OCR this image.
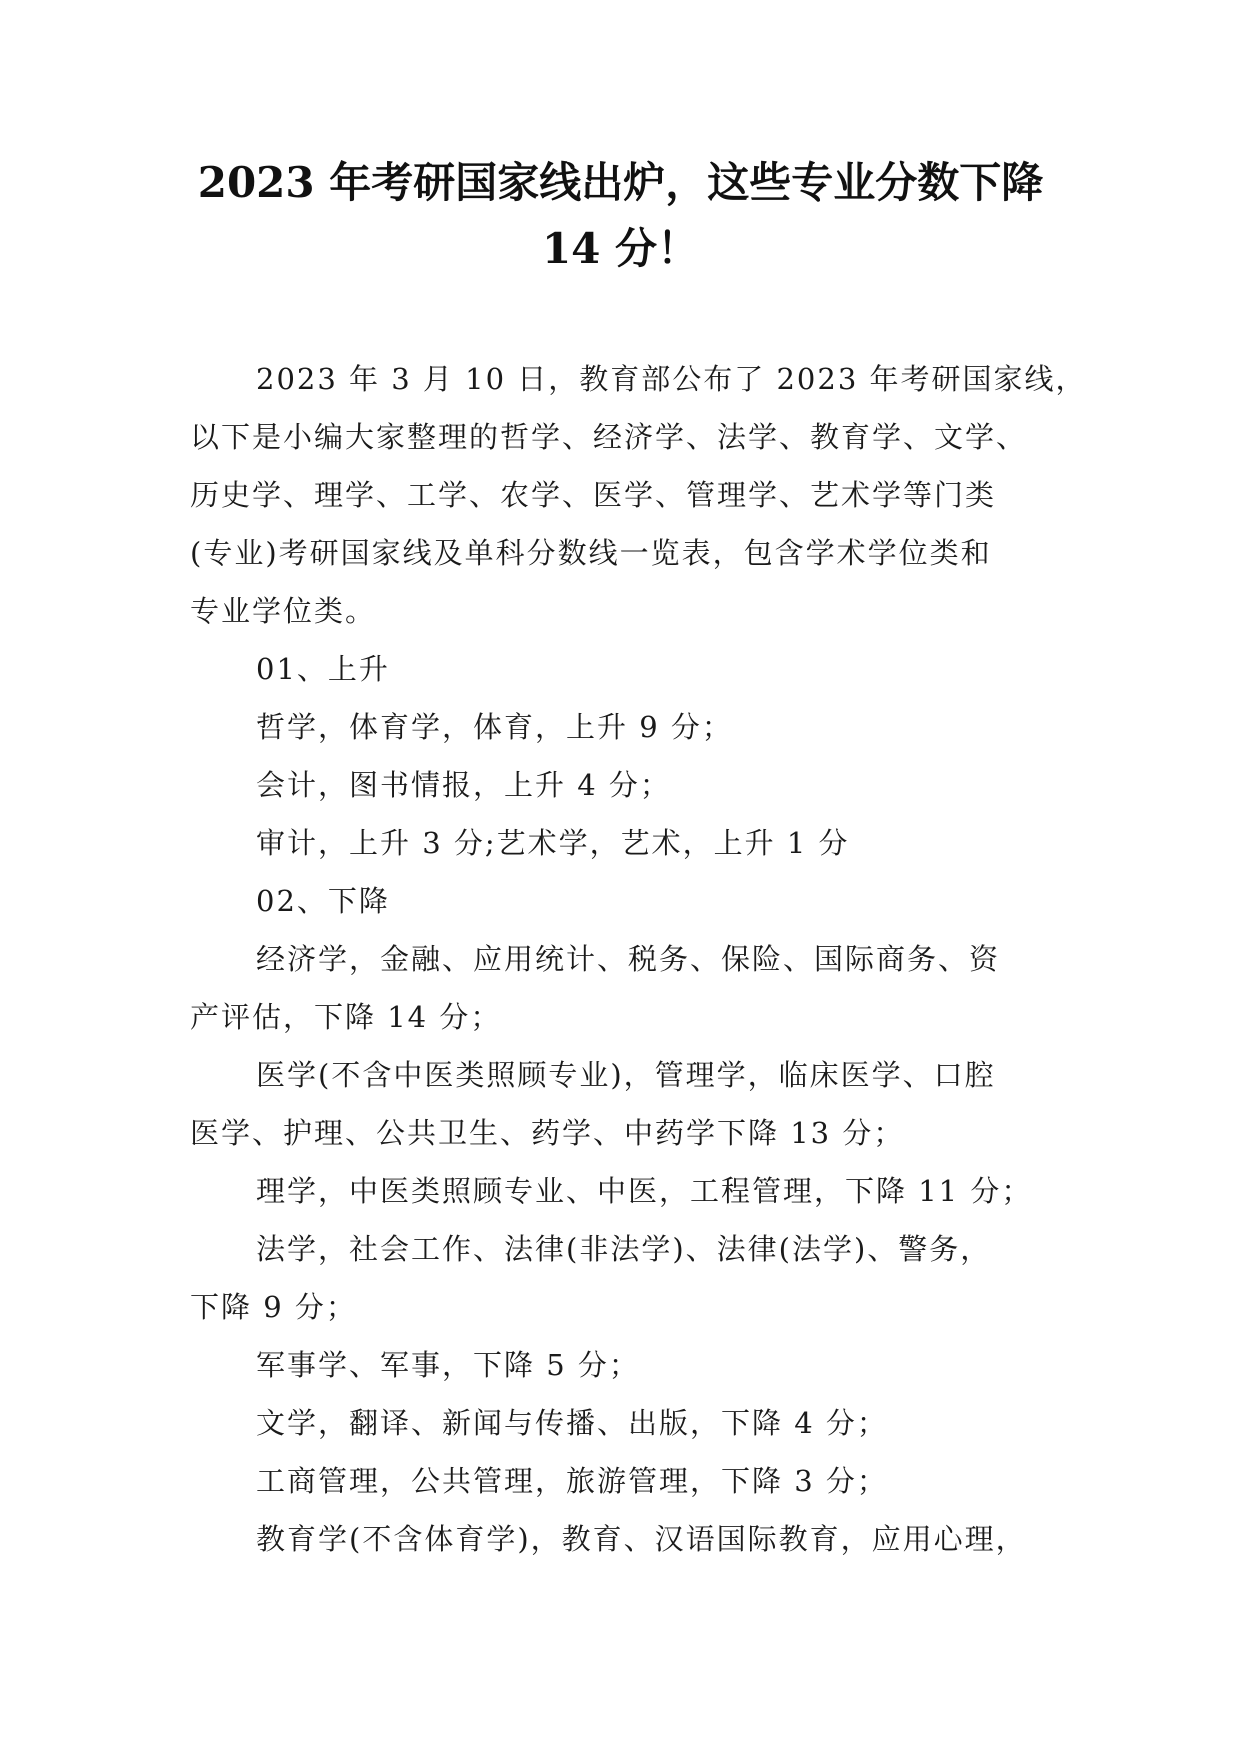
2023 年考研国家线出炉，这些专业分数下降
14 分！
2023 年 3 月 10 日，教育部公布了 2023 年考研国家线，
以下是小编大家整理的哲学、经济学、法学、教育学、文学、
历史学、理学、工学、农学、医学、管理学、艺术学等门类
(专业)考研国家线及单科分数线一览表，包含学术学位类和
专业学位类。

01、上升

哲学，体育学，体育，上升 9 分；

会计，图书情报，上升 4 分；

审计，上升 3 分;艺术学，艺术，上升 1 分

02、下降

经济学，金融、应用统计、税务、保险、国际商务、资
产评估，下降 14 分；
医学(不含中医类照顾专业)，管理学，临床医学、口腔
医学、护理、公共卫生、药学、中药学下降 13 分；
理学，中医类照顾专业、中医，工程管理，下降 11 分；
法学，社会工作、法律(非法学)、法律(法学)、警务，
下降 9 分；
军事学、军事，下降 5 分；
文学，翻译、新闻与传播、出版，下降 4 分；
工商管理，公共管理，旅游管理，下降 3 分；
教育学(不含体育学)，教育、汉语国际教育，应用心理，
